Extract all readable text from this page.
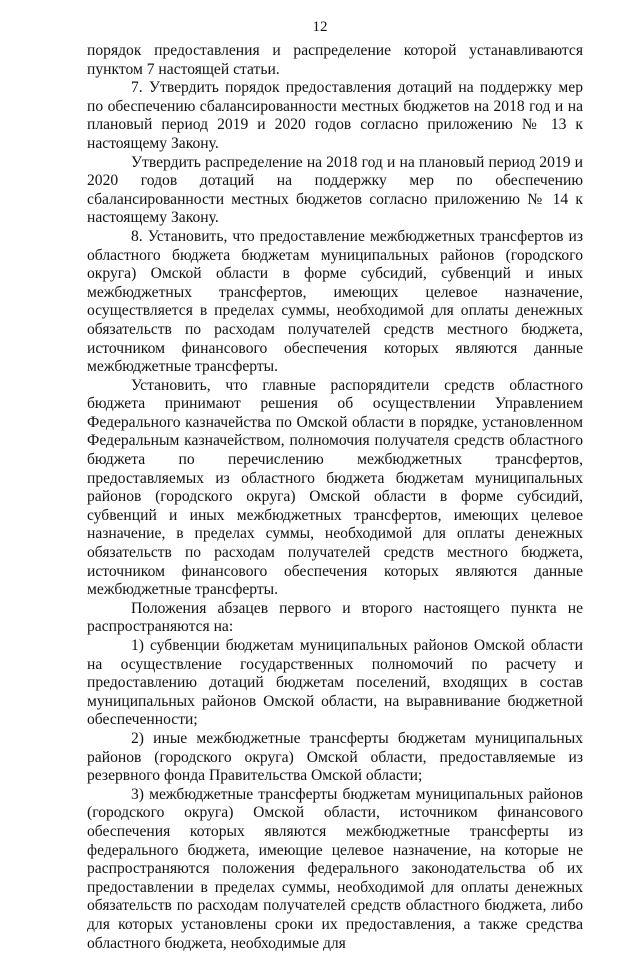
12

порядок предоставления и распределение которой устанавливаются пунктом 7 настоящей статьи.

7. Утвердить порядок предоставления дотаций на поддержку мер по обеспечению сбалансированности местных бюджетов на 2018 год и на плановый период 2019 и 2020 годов согласно приложению № 13 к настоящему Закону.

Утвердить распределение на 2018 год и на плановый период 2019 и 2020 годов дотаций на поддержку мер по обеспечению сбалансированности местных бюджетов согласно приложению № 14 к настоящему Закону.

8. Установить, что предоставление межбюджетных трансфертов из областного бюджета бюджетам муниципальных районов (городского округа) Омской области в форме субсидий, субвенций и иных межбюджетных трансфертов, имеющих целевое назначение, осуществляется в пределах суммы, необходимой для оплаты денежных обязательств по расходам получателей средств местного бюджета, источником финансового обеспечения которых являются данные межбюджетные трансферты.

Установить, что главные распорядители средств областного бюджета принимают решения об осуществлении Управлением Федерального казначейства по Омской области в порядке, установленном Федеральным казначейством, полномочия получателя средств областного бюджета по перечислению межбюджетных трансфертов, предоставляемых из областного бюджета бюджетам муниципальных районов (городского округа) Омской области в форме субсидий, субвенций и иных межбюджетных трансфертов, имеющих целевое назначение, в пределах суммы, необходимой для оплаты денежных обязательств по расходам получателей средств местного бюджета, источником финансового обеспечения которых являются данные межбюджетные трансферты.

Положения абзацев первого и второго настоящего пункта не распространяются на:

1) субвенции бюджетам муниципальных районов Омской области на осуществление государственных полномочий по расчету и предоставлению дотаций бюджетам поселений, входящих в состав муниципальных районов Омской области, на выравнивание бюджетной обеспеченности;

2) иные межбюджетные трансферты бюджетам муниципальных районов (городского округа) Омской области, предоставляемые из резервного фонда Правительства Омской области;

3) межбюджетные трансферты бюджетам муниципальных районов (городского округа) Омской области, источником финансового обеспечения которых являются межбюджетные трансферты из федерального бюджета, имеющие целевое назначение, на которые не распространяются положения федерального законодательства об их предоставлении в пределах суммы, необходимой для оплаты денежных обязательств по расходам получателей средств областного бюджета, либо для которых установлены сроки их предоставления, а также средства областного бюджета, необходимые для
